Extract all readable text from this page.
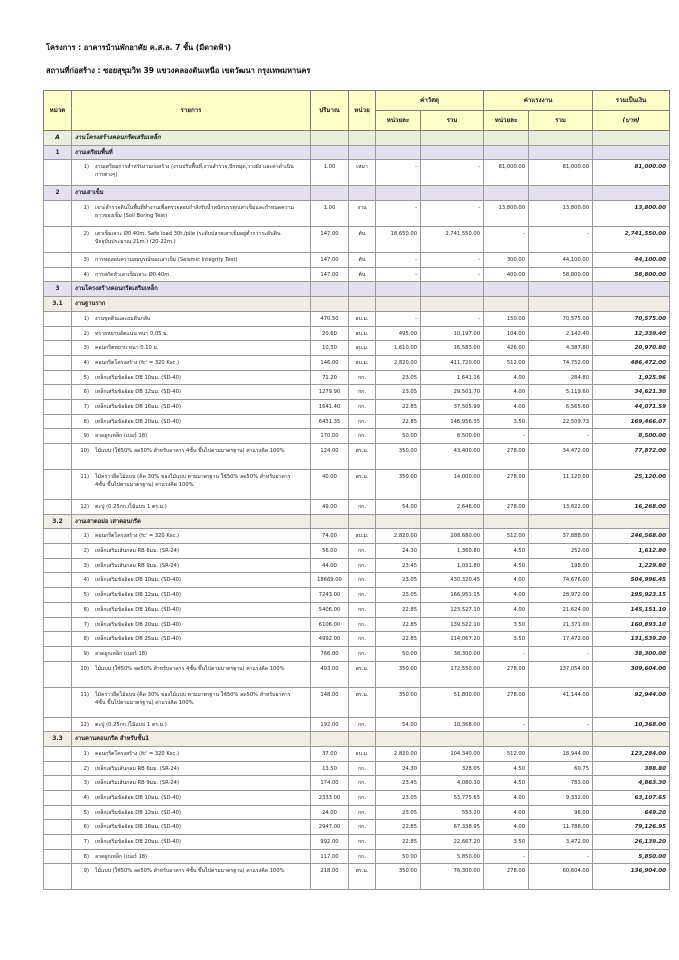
โครงการ : อาคารบ้านพักอาศัย ค.ส.ล. 7 ชั้น (มีดาดฟ้า)
สถานที่ก่อสร้าง : ซอยสุขุมวิท 39 แขวงคลองตันเหนือ เขตวัฒนา กรุงเทพมหานคร
หมวด	รายการ	ปริมาณ	หน่วย	ค่าวัสดุ		ค่าแรงงาน		รวมเป็นเงิน
				หน่วยละ	รวม	หน่วยละ	รวม	(บาท)
A	งานโครงสร้างคอนกรีตเสริมเหล็ก							
1	งานเตรียมพื้นที่							
	1) งานเตรียมการสำหรับงานก่อสร้าง (งานปรับพื้นที่,งานสำรวจ,ปักหมุด,วางผัง และค่าดำเนินการต่างๆ)	1.00	เหมา	-	-	81,000.00	81,000.00	81,000.00
2	งานเสาเข็ม							
	1) เจาะสำรวจดินในพื้นที่ทำงานเพื่อตรวจสอบกำลังรับน้ำหนักบรรทุกเสาเข็มและกำหนดความยาวของเข็ม (Soil Boring Test)	1.00	งาน	-	-	13,800.00	13,800.00	13,800.00
	2) เสาเข็มเจาะ Ø0.40m. Safe load 30t./pile (ระดับปลายเสาเข็มอยู่ต่ำกว่าระดับดินปัจจุบันประมาณ 21m.) (20-22m.)	147.00	ต้น	18,650.00	2,741,550.00	-	-	2,741,550.00
	3) การทดสอบความสมบูรณ์ของเสาเข็ม (Seismic Integrity Test)	147.00	ต้น	-	-	300.00	44,100.00	44,100.00
	4) การสกัดหัวเสาเข็มเจาะ Ø0.40m.	147.00	ต้น	-	-	400.00	58,800.00	58,800.00
3	งานโครงสร้างคอนกรีตเสริมเหล็ก							
3.1	งานฐานราก							
	1) งานขุดดินและถมดินกลับ	470.50	ลบ.ม.	-	-	150.00	70,575.00	70,575.00
	2) ทรายหยาบอัดแน่น หนา 0.05 ม.	20.60	ลบ.ม.	495.00	10,197.00	104.00	2,142.40	12,339.40
	3) คอนกรีตหยาบ หนา 0.10 ม.	10.30	ลบ.ม.	1,610.00	16,583.00	426.00	4,387.80	20,970.80
	4) คอนกรีตโครงสร้าง (fc' = 320 Ksc.)	146.00	ลบ.ม.	2,820.00	411,720.00	512.00	74,752.00	486,472.00
	5) เหล็กเสริมข้ออ้อย DB 10มม. (SD-40)	71.20	กก.	23.05	1,641.16	4.00	284.80	1,925.96
	6) เหล็กเสริมข้ออ้อย DB 12มม. (SD-40)	1279.90	กก.	23.05	29,501.70	4.00	5,119.60	34,621.30
	7) เหล็กเสริมข้ออ้อย DB 16มม. (SD-40)	1641.40	กก.	22.85	37,505.99	4.00	6,565.60	44,071.59
	8) เหล็กเสริมข้ออ้อย DB 20มม. (SD-40)	6431.35	กก.	22.85	146,956.35	3.50	22,509.73	169,466.07
	9) ลวดผูกเหล็ก (เบอร์ 18)	170.00	กก.	50.00	8,500.00	-	-	8,500.00
	10) ไม้แบบ (ใช้50% ลด50% สำหรับอาคาร 4ชั้น ขึ้นไปตามมาตรฐาน) ค่าแรงคิด 100%	124.00	ตร.ม.	350.00	43,400.00	278.00	34,472.00	77,872.00
	11) ไม้คร่าวยึดไม้แบบ (คิด 30% ของไม้แบบ ตามมาตรฐาน ใช้50% ลด50% สำหรับอาคาร 4ชั้น ขึ้นไปตามมาตรฐาน) ค่าแรงคิด 100%	40.00	ตร.ม.	350.00	14,000.00	278.00	11,120.00	25,120.00
	12) ตะปู (0.25กก./ไม้แบบ 1 ตร.ม.)	49.00	กก.	54.00	2,646.00	278.00	13,622.00	16,268.00
3.2	งานเสาตอม่อ เสาคอนกรีต							
	1) คอนกรีตโครงสร้าง (fc' = 320 Ksc.)	74.00	ลบ.ม.	2,820.00	208,680.00	512.00	37,888.00	246,568.00
	2) เหล็กเสริมเส้นกลม RB 6มม. (SR-24)	56.00	กก.	24.30	1,360.80	4.50	252.00	1,612.80
	3) เหล็กเสริมเส้นกลม RB 9มม. (SR-24)	44.00	กก.	23.45	1,031.80	4.50	198.00	1,229.80
	4) เหล็กเสริมข้ออ้อย DB 10มม. (SD-40)	18669.00	กก.	23.05	430,320.45	4.00	74,676.00	504,996.45
	5) เหล็กเสริมข้ออ้อย DB 12มม. (SD-40)	7243.00	กก.	23.05	166,951.15	4.00	28,972.00	195,923.15
	6) เหล็กเสริมข้ออ้อย DB 16มม. (SD-40)	5406.00	กก.	22.85	123,527.10	4.00	21,624.00	145,151.10
	7) เหล็กเสริมข้ออ้อย DB 20มม. (SD-40)	6106.00	กก.	22.85	139,522.10	3.50	21,371.00	160,893.10
	8) เหล็กเสริมข้ออ้อย DB 25มม. (SD-40)	4992.00	กก.	22.85	114,067.20	3.50	17,472.00	131,539.20
	9) ลวดผูกเหล็ก (เบอร์ 18)	766.00	กก.	50.00	38,300.00	-	-	38,300.00
	10) ไม้แบบ (ใช้50% ลด50% สำหรับอาคาร 4ชั้น ขึ้นไปตามมาตรฐาน) ค่าแรงคิด 100%	493.00	ตร.ม.	350.00	172,550.00	278.00	137,054.00	309,604.00
	11) ไม้คร่าวยึดไม้แบบ (คิด 30% ของไม้แบบ ตามมาตรฐาน ใช้50% ลด50% สำหรับอาคาร 4ชั้น ขึ้นไปตามมาตรฐาน) ค่าแรงคิด 100%	148.00	ตร.ม.	350.00	51,800.00	278.00	41,144.00	92,944.00
	12) ตะปู (0.25กก./ไม้แบบ 1 ตร.ม.)	192.00	กก.	54.00	10,368.00	-	-	10,368.00
3.3	งานคานคอนกรีต สำหรับชั้น1							
	1) คอนกรีตโครงสร้าง (fc' = 320 Ksc.)	37.00	ลบ.ม.	2,820.00	104,340.00	512.00	18,944.00	123,284.00
	2) เหล็กเสริมเส้นกลม RB 6มม. (SR-24)	13.50	กก.	24.30	328.05	4.50	60.75	388.80
	3) เหล็กเสริมเส้นกลม RB 9มม. (SR-24)	174.00	กก.	23.45	4,080.30	4.50	783.00	4,863.30
	4) เหล็กเสริมข้ออ้อย DB 10มม. (SD-40)	2333.00	กก.	23.05	53,775.65	4.00	9,332.00	63,107.65
	5) เหล็กเสริมข้ออ้อย DB 12มม. (SD-40)	24.00	กก.	23.05	553.20	4.00	96.00	649.20
	6) เหล็กเสริมข้ออ้อย DB 16มม. (SD-40)	2947.00	กก.	22.85	67,338.95	4.00	11,788.00	79,126.95
	7) เหล็กเสริมข้ออ้อย DB 20มม. (SD-40)	992.00	กก.	22.85	22,667.20	3.50	3,472.00	26,139.20
	8) ลวดผูกเหล็ก (เบอร์ 18)	117.00	กก.	50.00	5,850.00	-	-	5,850.00
	9) ไม้แบบ (ใช้50% ลด50% สำหรับอาคาร 4ชั้น ขึ้นไปตามมาตรฐาน) ค่าแรงคิด 100%	218.00	ตร.ม.	350.00	76,300.00	278.00	60,604.00	136,904.00
